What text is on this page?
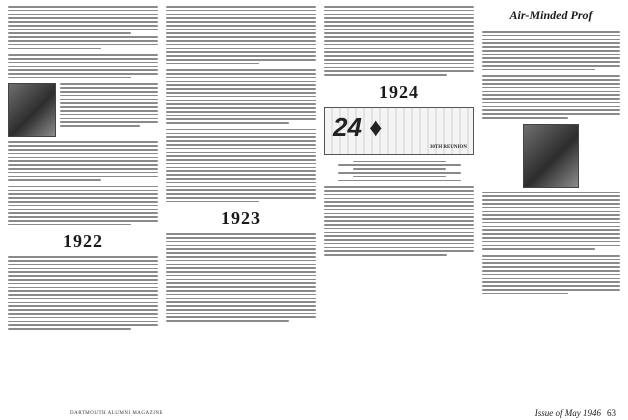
1922
1923
1924
24 ♦
30TH REUNION
Air-Minded Prof
DARTMOUTH ALUMNI MAGAZINE	Issue of May 1946 63
